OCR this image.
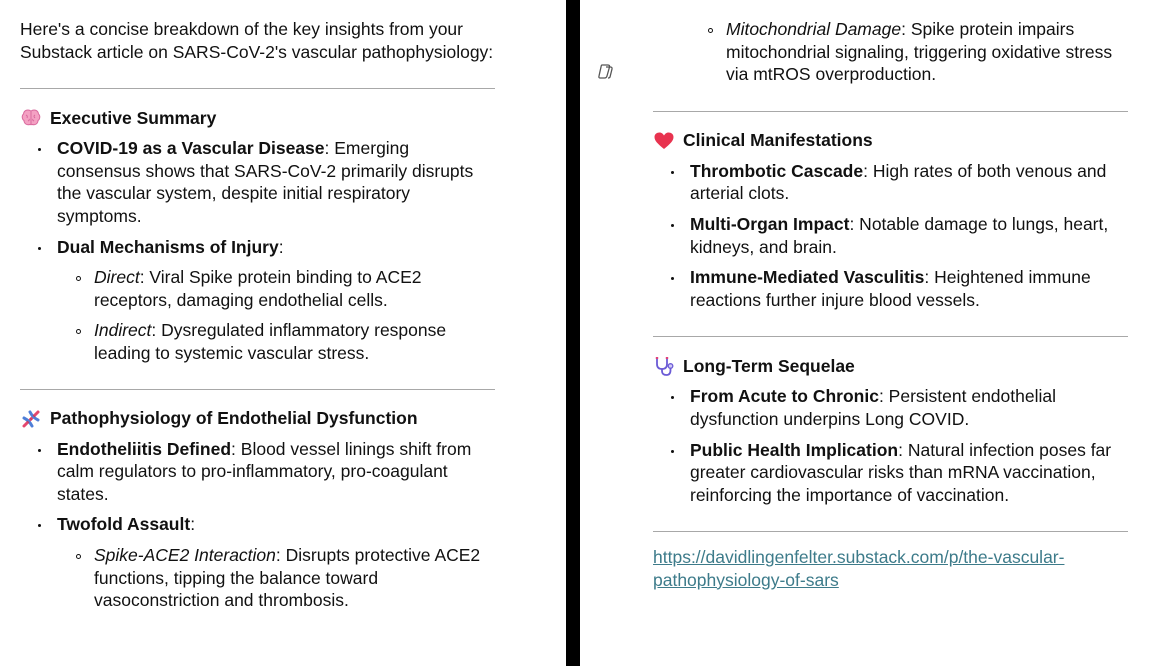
Here's a concise breakdown of the key insights from your Substack article on SARS-CoV-2's vascular pathophysiology:

Executive Summary
COVID-19 as a Vascular Disease: Emerging consensus shows that SARS-CoV-2 primarily disrupts the vascular system, despite initial respiratory symptoms.
Dual Mechanisms of Injury:
Direct: Viral Spike protein binding to ACE2 receptors, damaging endothelial cells.
Indirect: Dysregulated inflammatory response leading to systemic vascular stress.
Pathophysiology of Endothelial Dysfunction
Endotheliitis Defined: Blood vessel linings shift from calm regulators to pro-inflammatory, pro-coagulant states.
Twofold Assault:
Spike-ACE2 Interaction: Disrupts protective ACE2 functions, tipping the balance toward vasoconstriction and thrombosis.
Mitochondrial Damage: Spike protein impairs mitochondrial signaling, triggering oxidative stress via mtROS overproduction.
Clinical Manifestations
Thrombotic Cascade: High rates of both venous and arterial clots.
Multi-Organ Impact: Notable damage to lungs, heart, kidneys, and brain.
Immune-Mediated Vasculitis: Heightened immune reactions further injure blood vessels.
Long-Term Sequelae
From Acute to Chronic: Persistent endothelial dysfunction underpins Long COVID.
Public Health Implication: Natural infection poses far greater cardiovascular risks than mRNA vaccination, reinforcing the importance of vaccination.

https://davidlingenfelter.substack.com/p/the-vascular-pathophysiology-of-sars
